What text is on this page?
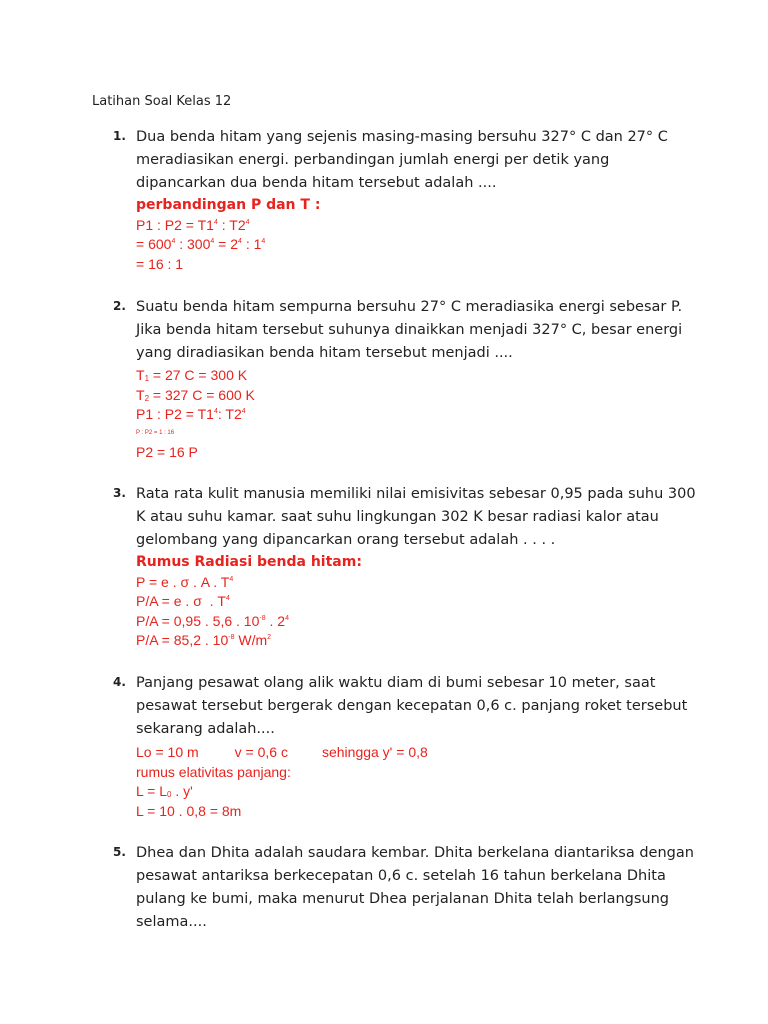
Latihan Soal Kelas 12
1. Dua benda hitam yang sejenis masing-masing bersuhu 327° C dan 27° C meradiasikan energi. perbandingan jumlah energi per detik yang dipancarkan dua benda hitam tersebut adalah ....
perbandingan P dan T :
P1 : $P2 = T1^4$ : $T2^4$
= $600^4$ : $300^4 = 2^4$ : $1^4$
= 16 : 1
2. Suatu benda hitam sempurna bersuhu 27° C meradiasika energi sebesar P. Jika benda hitam tersebut suhunya dinaikkan menjadi 327° C, besar energi yang diradiasikan benda hitam tersebut menjadi ....
$T_1 = 27$ C = 300 K
$T_2 = 327$ C = 600 K
P1 : $P2 = T1^4$: $T2^4$
P : P2 = 1 : 16
P2 = 16 P
3. Rata rata kulit manusia memiliki nilai emisivitas sebesar 0,95 pada suhu 300 K atau suhu kamar. saat suhu lingkungan 302 K besar radiasi kalor atau gelombang yang dipancarkan orang tersebut adalah . . . .
Rumus Radiasi benda hitam:
P = e . σ . A . $T^4$
P/A = e . σ  . $T^4$
P/A = 0,95 . 5,6 . $10^{-8}$ . $2^4$
P/A = 85,2 . $10^{-8}$ $W/m^2$
4. Panjang pesawat olang alik waktu diam di bumi sebesar 10 meter, saat pesawat tersebut bergerak dengan kecepatan 0,6 c. panjang roket tersebut sekarang adalah....
Lo = 10 m	v = 0,6 c sehingga y' = 0,8
rumus elativitas panjang:
$L = L_0$ . y'
L = 10 . 0,8 = 8m
5. Dhea dan Dhita adalah saudara kembar. Dhita berkelana diantariksa dengan pesawat antariksa berkecepatan 0,6 c. setelah 16 tahun berkelana Dhita pulang ke bumi, maka menurut Dhea perjalanan Dhita telah berlangsung selama....
